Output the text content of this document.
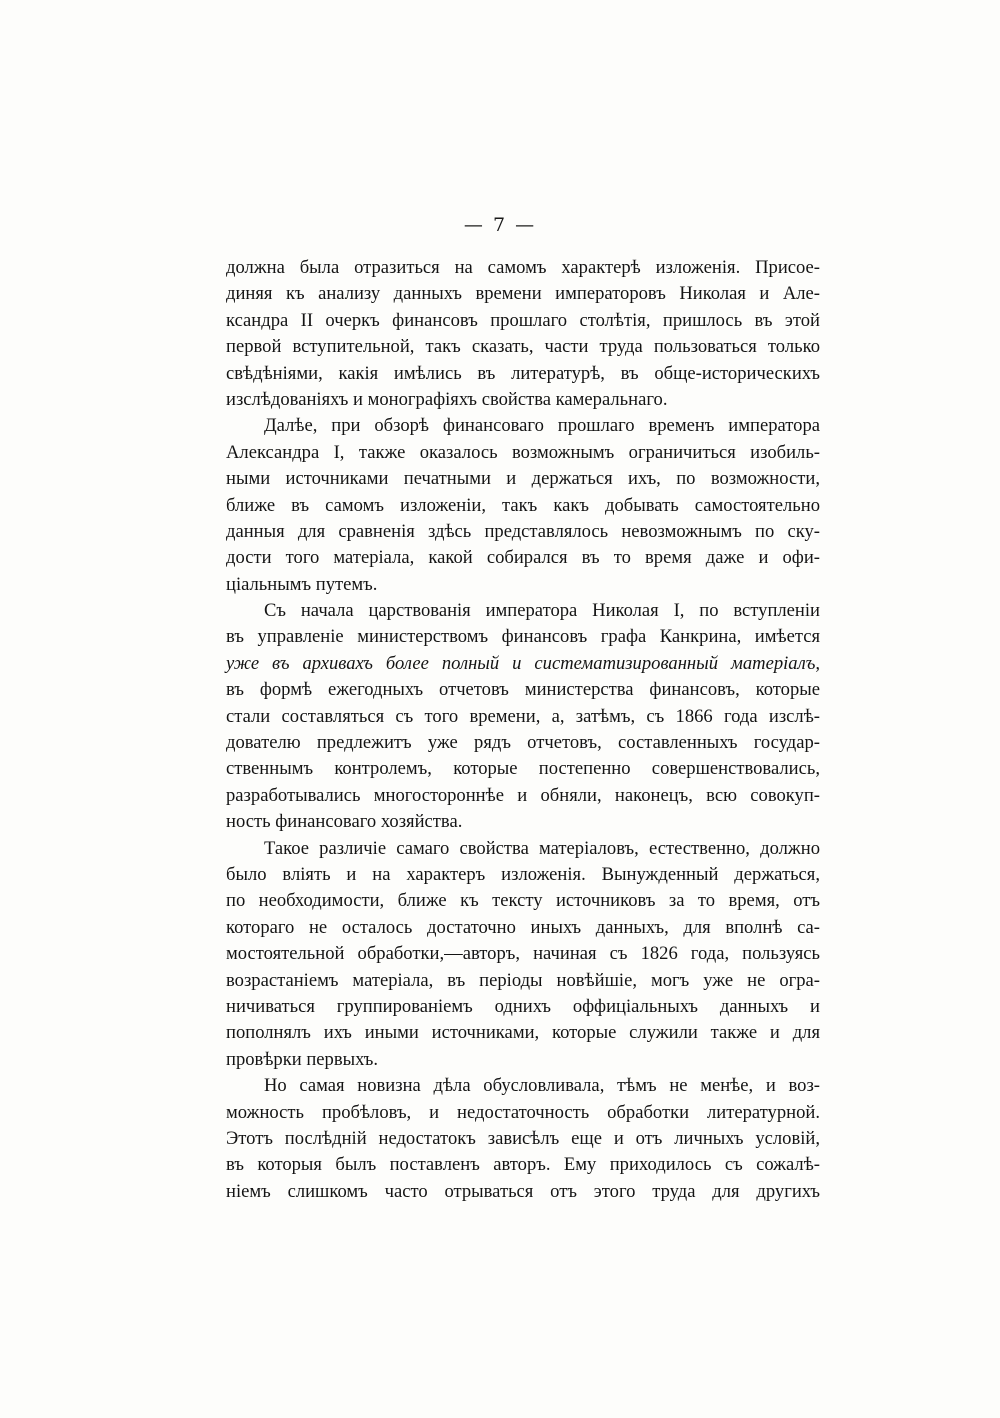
— 7 —
должна была отразиться на самомъ характерѣ изложенія. Присое-
диняя къ анализу данныхъ времени императоровъ Николая и Але-
ксандра II очеркъ финансовъ прошлаго столѣтія, пришлось въ этой
первой вступительной, такъ сказать, части труда пользоваться только
свѣдѣніями, какія имѣлись въ литературѣ, въ обще-историческихъ
изслѣдованіяхъ и монографіяхъ свойства камеральнаго.
Далѣе, при обзорѣ финансоваго прошлаго временъ императора
Александра I, также оказалось возможнымъ ограничиться изобиль-
ными источниками печатными и держаться ихъ, по возможности,
ближе въ самомъ изложеніи, такъ какъ добывать самостоятельно
данныя для сравненія здѣсь представлялось невозможнымъ по ску-
дости того матеріала, какой собирался въ то время даже и офи-
ціальнымъ путемъ.
Съ начала царствованія императора Николая I, по вступленіи
въ управленіе министерствомъ финансовъ графа Канкрина, имѣется
уже въ архивахъ более полный и систематизированный матеріалъ,
въ формѣ ежегодныхъ отчетовъ министерства финансовъ, которые
стали составляться съ того времени, а, затѣмъ, съ 1866 года изслѣ-
дователю предлежитъ уже рядъ отчетовъ, составленныхъ государ-
ственнымъ контролемъ, которые постепенно совершенствовались,
разработывались многостороннѣе и обняли, наконецъ, всю совокуп-
ность финансоваго хозяйства.
Такое различіе самаго свойства матеріаловъ, естественно, должно
было вліять и на характеръ изложенія. Вынужденный держаться,
по необходимости, ближе къ тексту источниковъ за то время, отъ
котораго не осталось достаточно иныхъ данныхъ, для вполнѣ са-
мостоятельной обработки,—авторъ, начиная съ 1826 года, пользуясь
возрастаніемъ матеріала, въ періоды новѣйшіе, могъ уже не огра-
ничиваться группированіемъ однихъ оффиціальныхъ данныхъ и
пополнялъ ихъ иными источниками, которые служили также и для
провѣрки первыхъ.
Но самая новизна дѣла обусловливала, тѣмъ не менѣе, и воз-
можность пробѣловъ, и недостаточность обработки литературной.
Этотъ послѣдній недостатокъ зависѣлъ еще и отъ личныхъ условій,
въ которыя былъ поставленъ авторъ. Ему приходилось съ сожалѣ-
ніемъ слишкомъ часто отрываться отъ этого труда для другихъ
